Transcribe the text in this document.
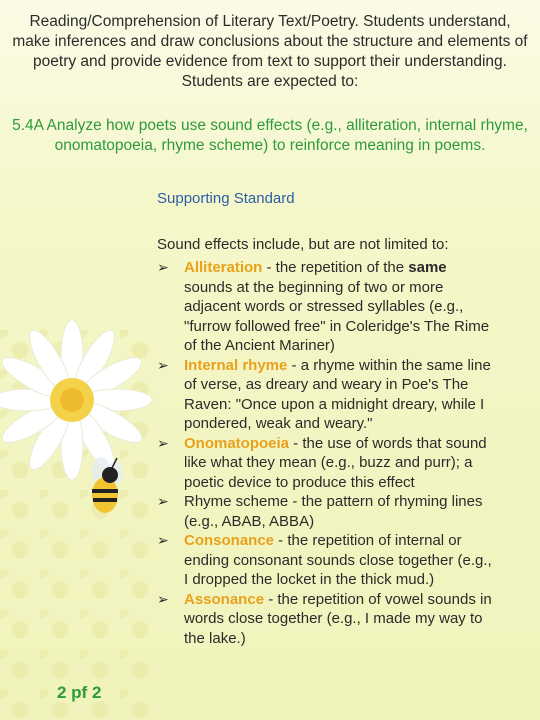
Reading/Comprehension of Literary Text/Poetry. Students understand, make inferences and draw conclusions about the structure and elements of poetry and provide evidence from text to support their understanding. Students are expected to:
5.4A Analyze how poets use sound effects (e.g., alliteration, internal rhyme, onomatopoeia, rhyme scheme) to reinforce meaning in poems.
Supporting Standard
Sound effects include, but are not limited to:
➢ Alliteration - the repetition of the same sounds at the beginning of two or more adjacent words or stressed syllables (e.g., "furrow followed free" in Coleridge's The Rime of the Ancient Mariner)
➢ Internal rhyme - a rhyme within the same line of verse, as dreary and weary in Poe's The Raven: "Once upon a midnight dreary, while I pondered, weak and weary."
➢ Onomatopoeia - the use of words that sound like what they mean (e.g., buzz and purr); a poetic device to produce this effect
➢ Rhyme scheme - the pattern of rhyming lines (e.g., ABAB, ABBA)
➢ Consonance - the repetition of internal or ending consonant sounds close together (e.g., I dropped the locket in the thick mud.)
➢ Assonance - the repetition of vowel sounds in words close together (e.g., I made my way to the lake.)
2 pf 2
